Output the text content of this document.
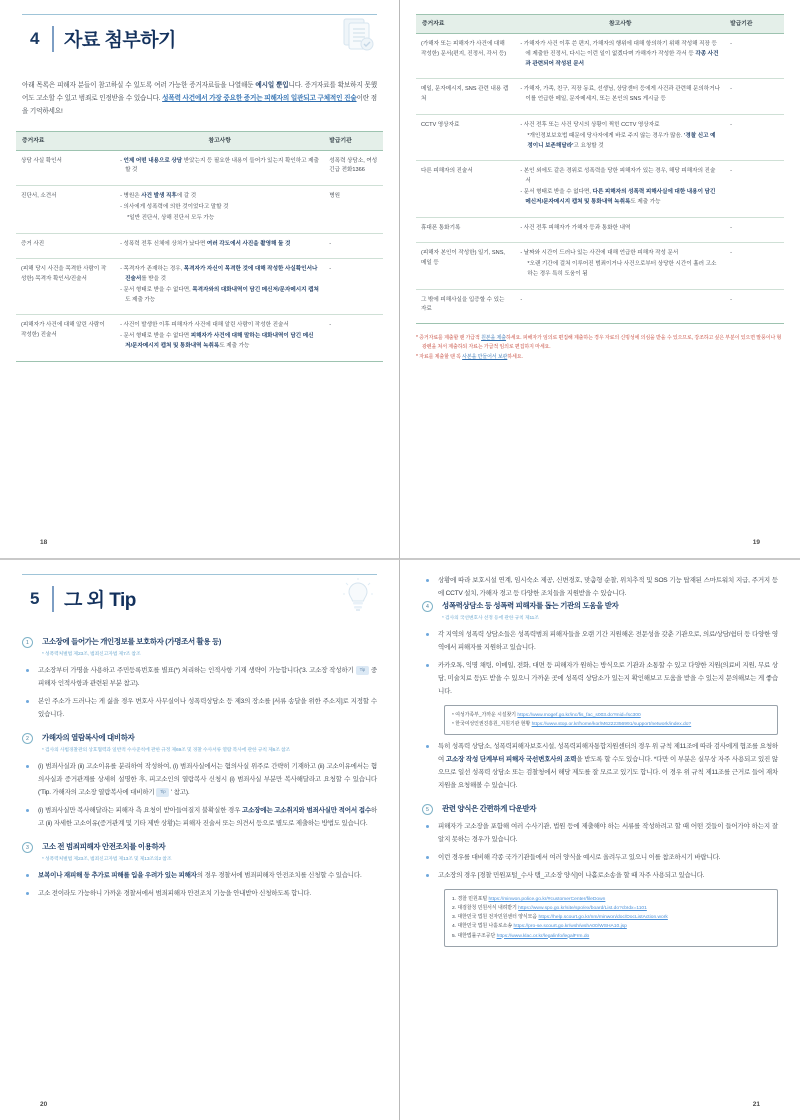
4	자료 첨부하기
아래 목록은 피해자 분들이 참고하실 수 있도록 여러 가능한 증거자료들을 나열해둔 예시일 뿐입니다. 증거자료를 확보하지 못했어도 고소할 수 있고 범죄로 인정받을 수 있습니다. 성폭력 사건에서 가장 중요한 증거는 피해자의 일관되고 구체적인 진술이란 점을 기억하세요!
증거자료	참고사항	발급기관
상담 사실 확인서	- 언제 어떤 내용으로 상담 받았는지 등 필요한 내용이 들어가 있는지 확인하고 제출할 것	성폭력 상담소, 여성긴급 전화1366
진단서, 소견서	- 병원은 사건 발생 직후에 갈 것
- 의사에게 성폭력에 의한 것이었다고 말할 것
*일반 진단서, 상해 진단서 모두 가능	병원
증거 사진	- 성폭력 전후 신체에 상처가 났다면 여러 각도에서 사진을 촬영해 둘 것	-
(피해 당시 사건을 목격한 사람이 작성한) 목격자 확인서/진술서	- 목격자가 존재하는 경우, 목격자가 자신이 목격한 것에 대해 작성한 사실확인서나 진술서를 받을 것
- 문서 형태로 받을 수 없다면, 목격자와의 대화내역이 담긴 메신저/문자메시지 캡쳐도 제출 가능	-
(피해자가 사건에 대해 알린 사람이 작성한) 진술서	- 사건이 발생한 이후 피해자가 사건에 대해 알린 사람이 작성한 진술서
- 문서 형태로 받을 수 없다면 피해자가 사건에 대해 말하는 대화내역이 담긴 메신저/문자메시지 캡쳐 및 통화내역 녹취록도 제출 가능	-
18
증거자료	참고사항	발급기관
(가해자 또는 피해자가 사건에 대해 작성한) 문서(편지, 진정서, 각서 등)	- 가해자가 사건 이후 쓴 편지, 가해자의 행위에 대해 항의하기 위해 작성해 직장 등에 제출한 진정서, 다시는 이런 일이 없겠다며 가해자가 작성한 각서 등 각종 사건과 관련되어 작성된 문서	-
메일, 문자메시지, SNS 관련 내용 캡쳐	- 가해자, 가족, 친구, 직장 동료, 선생님, 상담센터 등에게 사건과 관련해 문의하거나 이를 언급한 메일, 문자메세지, 또는 본인의 SNS 게시글 등	-
CCTV 영상자료	- 사건 전후 또는 사건 당시의 상황이 찍힌 CCTV 영상자료
*개인정보보호법 때문에 당사자에게 바로 주지 않는 경우가 많음. '경찰 신고 예정이니 보존해달라'고 요청할 것	-
다른 피해자의 진술서	- 본인 외에도 같은 경위로 성폭력을 당한 피해자가 있는 경우, 해당 피해자의 진술서
- 문서 형태로 받을 수 없다면, 다른 피해자의 성폭력 피해사실에 대한 내용이 담긴 메신저/문자메시지 캡쳐 및 통화내역 녹취록도 제출 가능	-
휴대폰 통화기록	- 사건 전후 피해자가 가해자 등과 통화한 내역	-
(피해자 본인이 작성한) 일기, SNS, 메일 등	- 날짜와 시간이 드러나 있는 사건에 대해 언급한 피해자 작성 문서
*오랜 기간에 걸쳐 이루어진 범죄이거나 사건으로부터 상당한 시간이 흘러 고소하는 경우 특히 도움이 됨	-
그 밖에 피해사실을 입증할 수 있는 자료	-	-
* 증거자료를 제출할 땐 가급적 원본을 제출하세요. 피해자가 임의로 편집해 제출하는 경우 자료의 신빙성에 의심을 받을 수 있으므로, 강조하고 싶은 부분이 있으면 말풍이나 형광펜을 쳐서 제출하되 자료는 가급적 임의로 편집하지 마세요.
* 자료를 제출할 땐 꼭 사본을 만들어서 보관하세요.
19
5	그 외 Tip
1	고소장에 들어가는 개인정보를 보호하자 (가명조서 활용 등)
* 성폭력처벌법 제23조, 범죄신고자법 제7조 참조
고소장부터 가명을 사용하고 주민등록번호를 별표(*) 처리하는 인적사항 기재 생략이 가능합니다('3. 고소장 작성하기 Tip 중 피해자 인적사항과 관련된 부분 참고).
본인 주소가 드러나는 게 싫을 경우 변호사 사무실이나 성폭력상담소 등 제3의 장소를 [서류 송달을 위한 주소지]로 지정할 수 있습니다.
2	가해자의 열람복사에 대비하자
* 검사의 사법경찰관의 상호협력과 일반적 수사준칙에 관한 규정 제69조 및 경찰 수사서류 열람 복사에 관한 규칙 제6조 참조
(i) 범죄사실과 (ii) 고소이유를 분리하여 작성하여, (i) 범죄사실에서는 혐의사실 위주로 간략히 기재하고 (ii) 고소이유에서는 혐의사실과 증거관계를 상세히 설명한 후, 피고소인의 열람복사 신청시 (i) 범죄사실 부분만 복사해달라고 요청할 수 있습니다('Tip. 가해자의 고소장 열람복사에 대비하기 Tip ' 참고).
(i) 범죄사실만 복사해달라는 피해자 측 요청이 받아들여질지 불확실한 경우 고소장에는 고소취지와 범죄사실만 적어서 접수하고 (ii) 자세한 고소이유(증거관계 및 기타 제반 상황)는 피해자 진술서 또는 의견서 등으로 별도로 제출하는 방법도 있습니다.
3	고소 전 범죄피해자 안전조치를 이용하자
* 성폭력처벌법 제23조, 범죄신고자법 제13조 및 제13조의2 참조
보복이나 재피해 등 추가로 피해를 입을 우려가 있는 피해자의 경우 경찰서에 범죄피해자 안전조치를 신청할 수 있습니다.
고소 전이라도 가능하니 가까운 경찰서에서 범죄피해자 안전조치 기능을 안내받아 신청하도록 합니다.
20
상황에 따라 보호시설 연계, 임시숙소 제공, 신변경호, 맞춤형 순찰, 위치추적 및 SOS 기능 탑재된 스마트워치 지급, 주거지 등에 CCTV 설치, 가해자 경고 등 다양한 조치들을 지원받을 수 있습니다.
4	성폭력상담소 등 성폭력 피해자를 돕는 기관의 도움을 받자
* 검사의 국선변호사 선정 등에 관한 규칙 제11조
각 지역의 성폭력 상담소들은 성폭력범죄 피해자들을 오랜 기간 지원해온 전문성을 갖춘 기관으로, 의료/상담/쉼터 등 다양한 영역에서 피해자를 지원하고 있습니다.
카카오톡, 익명 채팅, 이메일, 전화, 대면 등 피해자가 원하는 방식으로 기관과 소통할 수 있고 다양한 지원(의료비 지원, 무료 상담, 미술치료 등)도 받을 수 있으니 가까운 곳에 성폭력 상담소가 있는지 확인해보고 도움을 받을 수 있는지 문의해보는 게 좋습니다.
* 여성가족부_가까운 시설찾기 https://www.mogef.go.kr/inc/fis_fac_s003.do?mid=fsc300
* 한국여성인권진흥원_지원기관 현황 https://www.stop.or.kr/home/kor/M6222356991/support/network/index.do?
특히 성폭력 상담소, 성폭력피해자보호시설, 성폭력피해자통합지원센터의 경우 위 규칙 제11조에 따라 검사에게 협조를 요청하여 고소장 작성 단계부터 피해자 국선변호사의 조력을 받도록 할 수도 있습니다. *다만 이 부분은 실무상 자주 사용되고 있진 않으므로 일선 성폭력 상담소 또는 검찰청에서 해당 제도를 잘 모르고 있기도 합니다. 이 경우 위 규칙 제11조를 근거로 들어 재차 지원을 요청해볼 수 있습니다.
5	관련 양식은 간편하게 다운받자
피해자가 고소장을 포함해 여러 수사기관, 법원 등에 제출해야 하는 서류를 작성하려고 할 때 어떤 것들이 들어가야 하는지 잘 알지 못하는 경우가 있습니다.
이런 경우를 대비해 각종 국가기관들에서 여러 양식을 예시로 올려두고 있으니 이를 참조하시기 바랍니다.
고소장의 경우 [경찰 민원포털_수사 탭_고소장 양식]이 나홀로소송을 할 때 자주 사용되고 있습니다.
1. 경찰 민원포털 https://minwon.police.go.kr/#customerCenter/fileDown
2. 대검찰청 민원서식 내려받기 https://www.spo.go.kr/site/spo/ex/board/List.do?cbIdx=1101
3. 대한민국 법원 전자민원센터 양식모음 https://help.scourt.go.kr/nm/minwon/doc/DocListAction.work
4. 대한민국 법원 나홀로소송 https://pro-se.scourt.go.kr/wsh/wshA00/WSHA10.jsp
5. 대한법률구조공단 https://www.klac.or.kr/legalinfo/legalFrm.do
21
